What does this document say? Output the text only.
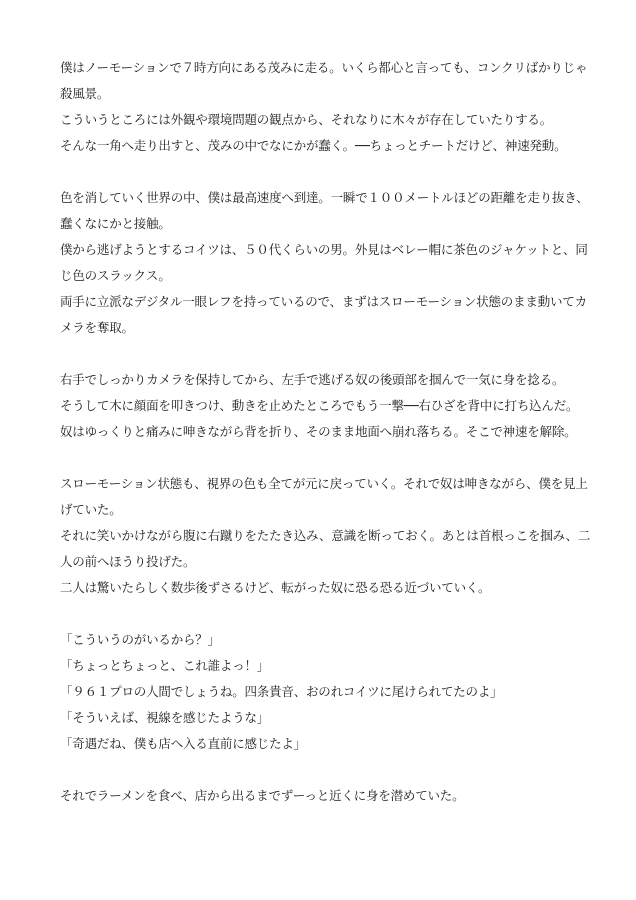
僕はノーモーションで７時方向にある茂みに走る。いくら都心と言っても、コンクリばかりじゃ

殺風景。

こういうところには外観や環境問題の観点から、それなりに木々が存在していたりする。

そんな一角へ走り出すと、茂みの中でなにかが蠢く。──ちょっとチートだけど、神速発動。

色を消していく世界の中、僕は最高速度へ到達。一瞬で１００メートルほどの距離を走り抜き、

蠢くなにかと接触。

僕から逃げようとするコイツは、５０代くらいの男。外見はベレー帽に茶色のジャケットと、同

じ色のスラックス。

両手に立派なデジタル一眼レフを持っているので、まずはスローモーション状態のまま動いてカ

メラを奪取。

右手でしっかりカメラを保持してから、左手で逃げる奴の後頭部を掴んで一気に身を捻る。

そうして木に顔面を叩きつけ、動きを止めたところでもう一撃──右ひざを背中に打ち込んだ。

奴はゆっくりと痛みに呻きながら背を折り、そのまま地面へ崩れ落ちる。そこで神速を解除。

スローモーション状態も、視界の色も全てが元に戻っていく。それで奴は呻きながら、僕を見上

げていた。

それに笑いかけながら腹に右蹴りをたたき込み、意識を断っておく。あとは首根っこを掴み、二

人の前へほうり投げた。

二人は驚いたらしく数歩後ずさるけど、転がった奴に恐る恐る近づいていく。

「こういうのがいるから？」

「ちょっとちょっと、これ誰よっ！」

「９６１プロの人間でしょうね。四条貴音、おのれコイツに尾けられてたのよ」

「そういえば、視線を感じたような」

「奇遇だね、僕も店へ入る直前に感じたよ」

それでラーメンを食べ、店から出るまでずーっと近くに身を潜めていた。
